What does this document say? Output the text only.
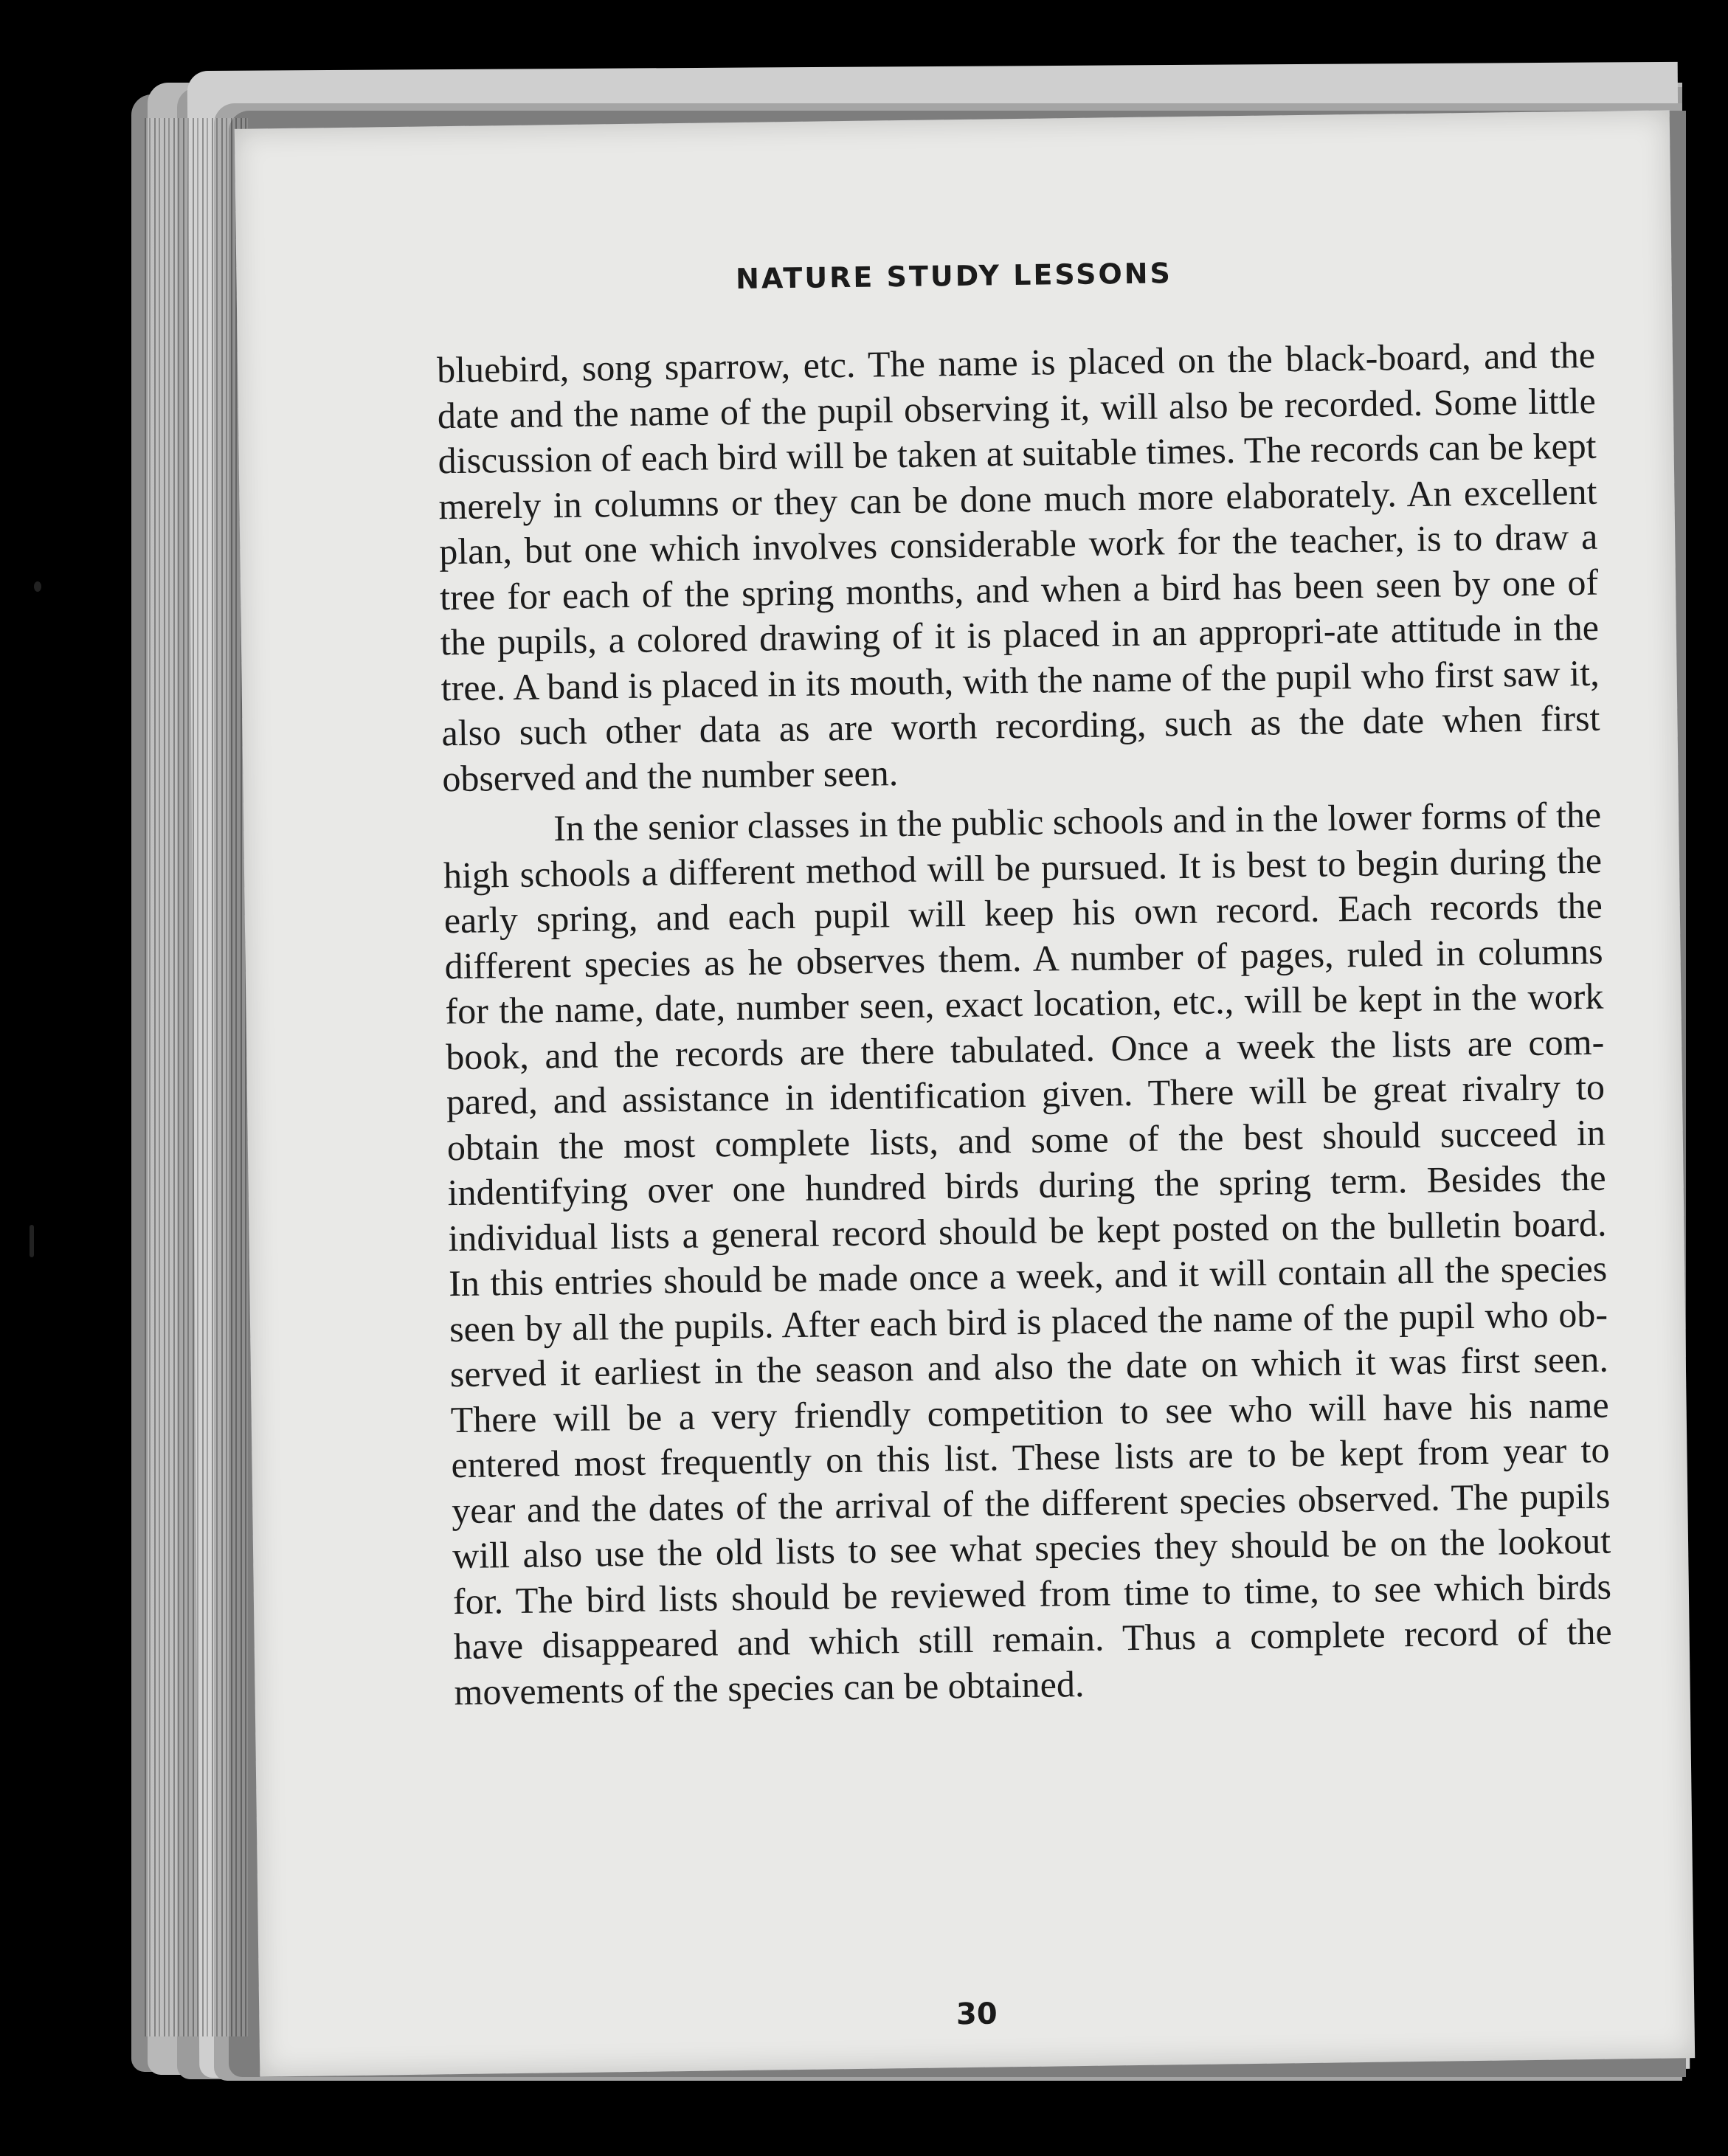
NATURE STUDY LESSONS

bluebird, song sparrow, etc. The name is placed on the black-board, and the date and the name of the pupil observing it, will also be recorded. Some little discussion of each bird will be taken at suitable times. The records can be kept merely in columns or they can be done much more elaborately. An excellent plan, but one which involves considerable work for the teacher, is to draw a tree for each of the spring months, and when a bird has been seen by one of the pupils, a colored drawing of it is placed in an appropri-ate attitude in the tree. A band is placed in its mouth, with the name of the pupil who first saw it, also such other data as are worth recording, such as the date when first observed and the number seen.

In the senior classes in the public schools and in the lower forms of the high schools a different method will be pursued. It is best to begin during the early spring, and each pupil will keep his own record. Each records the different species as he observes them. A number of pages, ruled in columns for the name, date, number seen, exact location, etc., will be kept in the work book, and the records are there tabulated. Once a week the lists are com-pared, and assistance in identification given. There will be great rivalry to obtain the most complete lists, and some of the best should succeed in indentifying over one hundred birds during the spring term. Besides the individual lists a general record should be kept posted on the bulletin board. In this entries should be made once a week, and it will contain all the species seen by all the pupils. After each bird is placed the name of the pupil who ob-served it earliest in the season and also the date on which it was first seen. There will be a very friendly competition to see who will have his name entered most frequently on this list. These lists are to be kept from year to year and the dates of the arrival of the different species observed. The pupils will also use the old lists to see what species they should be on the lookout for. The bird lists should be reviewed from time to time, to see which birds have disappeared and which still remain. Thus a complete record of the movements of the species can be obtained.

30
